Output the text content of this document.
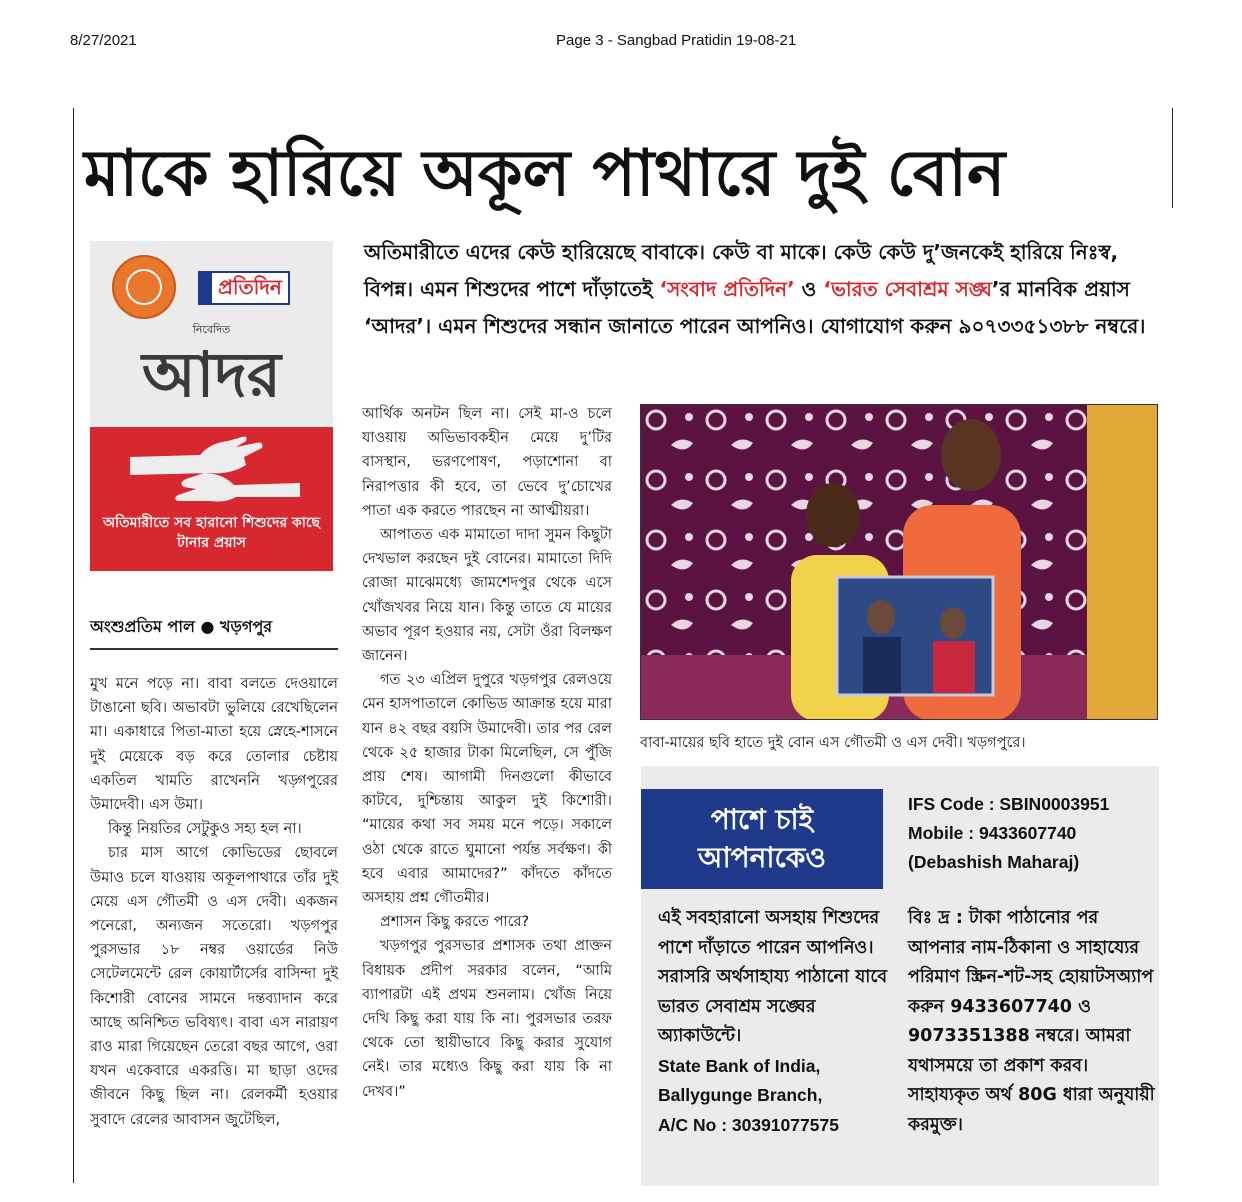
8/27/2021	Page 3 - Sangbad Pratidin 19-08-21
মাকে হারিয়ে অকূল পাথারে দুই বোন
প্রতিদিন
নিবেদিত
আদর
অতিমারীতে সব হারানো শিশুদের কাছে টানার প্রয়াস
অংশুপ্রতিম পাল ● খড়গপুর
অতিমারীতে এদের কেউ হারিয়েছে বাবাকে। কেউ বা মাকে। কেউ কেউ দু’জনকেই হারিয়ে নিঃস্ব, বিপন্ন। এমন শিশুদের পাশে দাঁড়াতেই ‘সংবাদ প্রতিদিন’ ও ‘ভারত সেবাশ্রম সঙ্ঘ’র মানবিক প্রয়াস ‘আদর’। এমন শিশুদের সন্ধান জানাতে পারেন আপনিও। যোগাযোগ করুন ৯০৭৩৩৫১৩৮৮ নম্বরে।

মুখ মনে পড়ে না। বাবা বলতে দেওয়ালে টাঙানো ছবি। অভাবটা ভুলিয়ে রেখেছিলেন মা। একাধারে পিতা-মাতা হয়ে স্নেহে-শাসনে দুই মেয়েকে বড় করে তোলার চেষ্টায় একতিল খামতি রাখেননি খড়্গপুরের উমাদেবী। এস উমা।

কিন্তু নিয়তির সেটুকুও সহ্য হল না।

চার মাস আগে কোভিডের ছোবলে উমাও চলে যাওয়ায় অকূলপাথারে তাঁর দুই মেয়ে এস গৌতমী ও এস দেবী। একজন পনেরো, অন্যজন সতেরো। খড়গপুর পুরসভার ১৮ নম্বর ওয়ার্ডের নিউ সেটেলমেন্টে রেল কোয়ার্টার্সের বাসিন্দা দুই কিশোরী বোনের সামনে দন্তব্যাদান করে আছে অনিশ্চিত ভবিষ্যৎ। বাবা এস নারায়ণ রাও মারা গিয়েছেন তেরো বছর আগে, ওরা যখন একেবারে একরত্তি। মা ছাড়া ওদের জীবনে কিছু ছিল না। রেলকর্মী হওয়ার সুবাদে রেলের আবাসন জুটেছিল,

আর্থিক অনটন ছিল না। সেই মা-ও চলে যাওয়ায় অভিভাবকহীন মেয়ে দু’টির বাসস্থান, ভরণপোষণ, পড়াশোনা বা নিরাপত্তার কী হবে, তা ভেবে দু’চোখের পাতা এক করতে পারছেন না আত্মীয়রা।

আপাতত এক মামাতো দাদা সুমন কিছুটা দেখভাল করছেন দুই বোনের। মামাতো দিদি রোজা মাঝেমধ্যে জামশেদপুর থেকে এসে খোঁজখবর নিয়ে যান। কিন্তু তাতে যে মায়ের অভাব পূরণ হওয়ার নয়, সেটা ওঁরা বিলক্ষণ জানেন।

গত ২৩ এপ্রিল দুপুরে খড়গপুর রেলওয়ে মেন হাসপাতালে কোভিড আক্রান্ত হয়ে মারা যান ৪২ বছর বয়সি উমাদেবী। তার পর রেল থেকে ২৫ হাজার টাকা মিলেছিল, সে পুঁজি প্রায় শেষ। আগামী দিনগুলো কীভাবে কাটবে, দুশ্চিন্তায় আকুল দুই কিশোরী। “মায়ের কথা সব সময় মনে পড়ে। সকালে ওঠা থেকে রাতে ঘুমানো পর্যন্ত সর্বক্ষণ। কী হবে এবার আমাদের?” কাঁদতে কাঁদতে অসহায় প্রশ্ন গৌতমীর।

প্রশাসন কিছু করতে পারে?

খড়গপুর পুরসভার প্রশাসক তথা প্রাক্তন বিধায়ক প্রদীপ সরকার বলেন, “আমি ব্যাপারটা এই প্রথম শুনলাম। খোঁজ নিয়ে দেখি কিছু করা যায় কি না। পুরসভার তরফ থেকে তো স্থায়ীভাবে কিছু করার সুযোগ নেই। তার মধ্যেও কিছু করা যায় কি না দেখব।”

বাবা-মায়ের ছবি হাতে দুই বোন এস গৌতমী ও এস দেবী। খড়গপুরে।
পাশে চাই
আপনাকেও
এই সবহারানো অসহায় শিশুদের পাশে দাঁড়াতে পারেন আপনিও। সরাসরি অর্থসাহায্য পাঠানো যাবে ভারত সেবাশ্রম সঙ্ঘের অ্যাকাউন্টে।
State Bank of India,
Ballygunge Branch,
A/C No : 30391077575
IFS Code : SBIN0003951
Mobile : 9433607740
(Debashish Maharaj)
বিঃ দ্র : টাকা পাঠানোর পর আপনার নাম-ঠিকানা ও সাহায্যের পরিমাণ স্ক্রিন-শট-সহ হোয়াটসঅ্যাপ করুন 9433607740 ও 9073351388 নম্বরে। আমরা যথাসময়ে তা প্রকাশ করব। সাহায্যকৃত অর্থ 80G ধারা অনুযায়ী করমুক্ত।
